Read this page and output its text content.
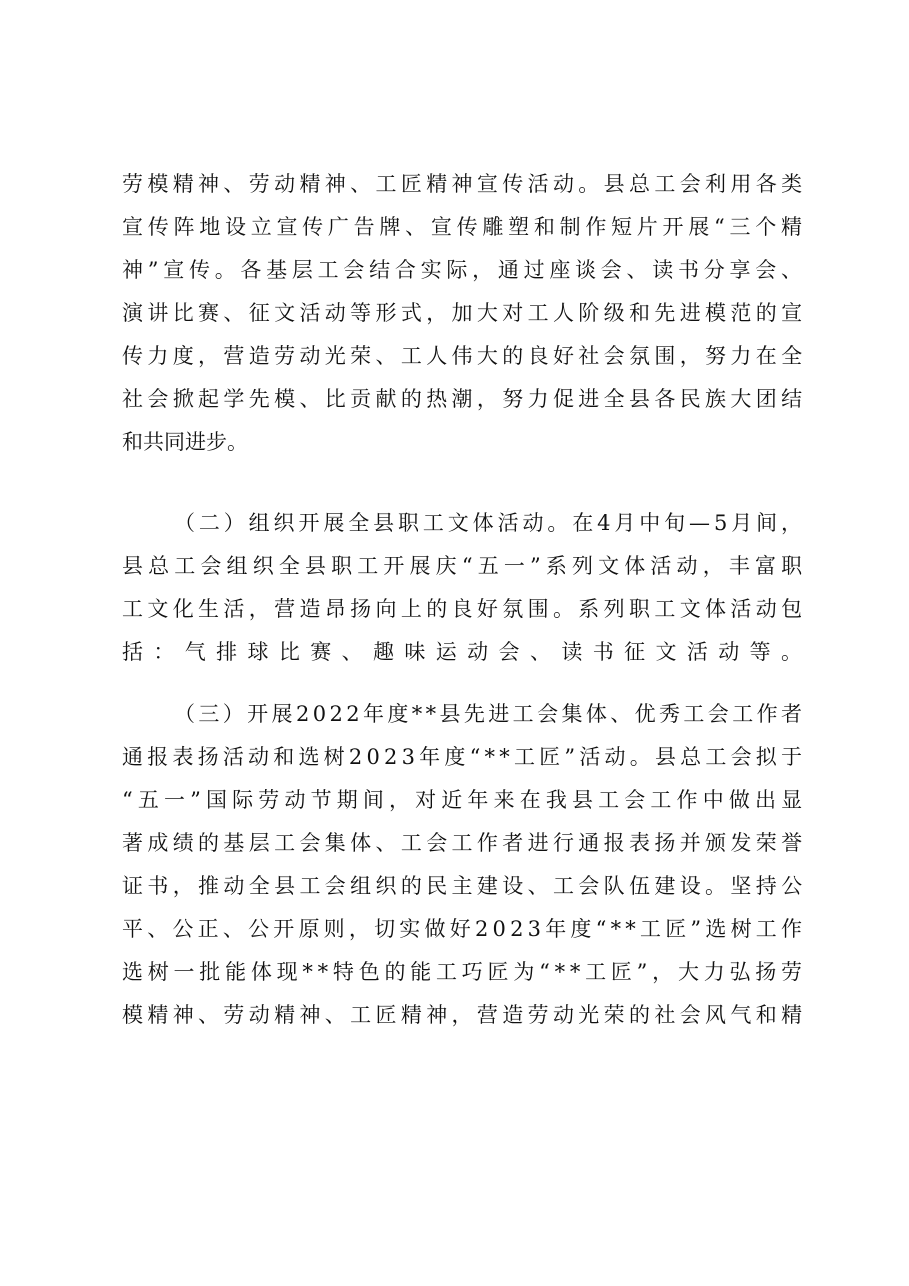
劳模精神、劳动精神、工匠精神宣传活动。县总工会利用各类
宣传阵地设立宣传广告牌、宣传雕塑和制作短片开展“三个精
神”宣传。各基层工会结合实际，通过座谈会、读书分享会、
演讲比赛、征文活动等形式，加大对工人阶级和先进模范的宣
传力度，营造劳动光荣、工人伟大的良好社会氛围，努力在全
社会掀起学先模、比贡献的热潮，努力促进全县各民族大团结
和共同进步。
（二）组织开展全县职工文体活动。在4月中旬—5月间，
县总工会组织全县职工开展庆“五一”系列文体活动，丰富职
工文化生活，营造昂扬向上的良好氛围。系列职工文体活动包
括：气排球比赛、趣味运动会、读书征文活动等。
（三）开展2022年度**县先进工会集体、优秀工会工作者
通报表扬活动和选树2023年度“**工匠”活动。县总工会拟于
“五一”国际劳动节期间，对近年来在我县工会工作中做出显
著成绩的基层工会集体、工会工作者进行通报表扬并颁发荣誉
证书，推动全县工会组织的民主建设、工会队伍建设。坚持公
平、公正、公开原则，切实做好2023年度“**工匠”选树工作
选树一批能体现**特色的能工巧匠为“**工匠”，大力弘扬劳
模精神、劳动精神、工匠精神，营造劳动光荣的社会风气和精
